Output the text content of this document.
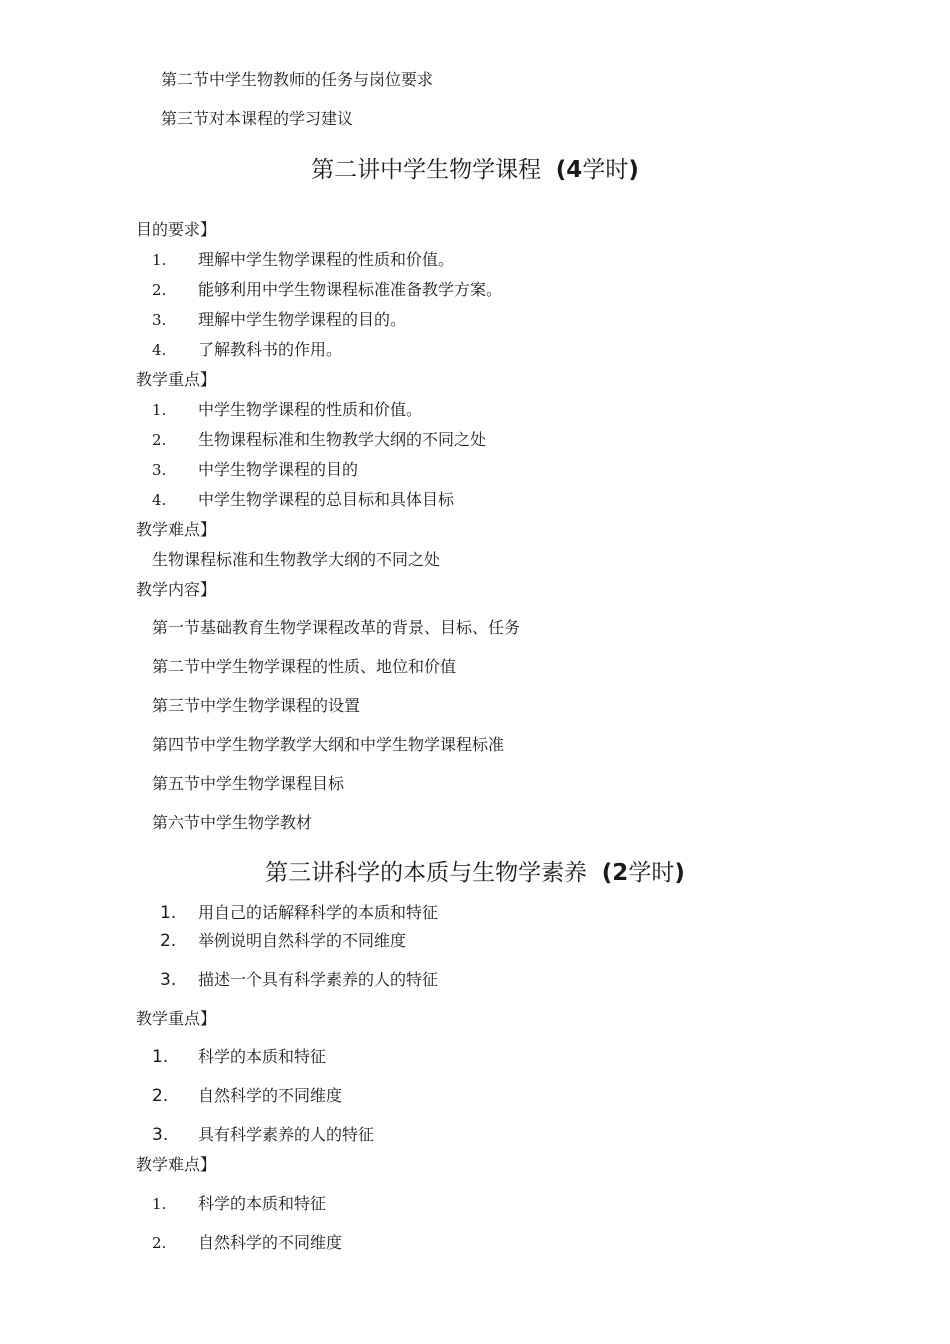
第二节中学生物教师的任务与岗位要求
第三节对本课程的学习建议
第二讲中学生物学课程 (4学时)
目的要求】
1. 理解中学生物学课程的性质和价值。
2. 能够利用中学生物课程标准准备教学方案。
3. 理解中学生物学课程的目的。
4. 了解教科书的作用。
教学重点】
1. 中学生物学课程的性质和价值。
2. 生物课程标准和生物教学大纲的不同之处
3. 中学生物学课程的目的
4. 中学生物学课程的总目标和具体目标
教学难点】
生物课程标准和生物教学大纲的不同之处
教学内容】
第一节基础教育生物学课程改革的背景、目标、任务
第二节中学生物学课程的性质、地位和价值
第三节中学生物学课程的设置
第四节中学生物学教学大纲和中学生物学课程标准
第五节中学生物学课程目标
第六节中学生物学教材
第三讲科学的本质与生物学素养 (2学时)
1. 用自己的话解释科学的本质和特征
2. 举例说明自然科学的不同维度
3. 描述一个具有科学素养的人的特征
教学重点】
1. 科学的本质和特征
2. 自然科学的不同维度
3. 具有科学素养的人的特征
教学难点】
1. 科学的本质和特征
2. 自然科学的不同维度
